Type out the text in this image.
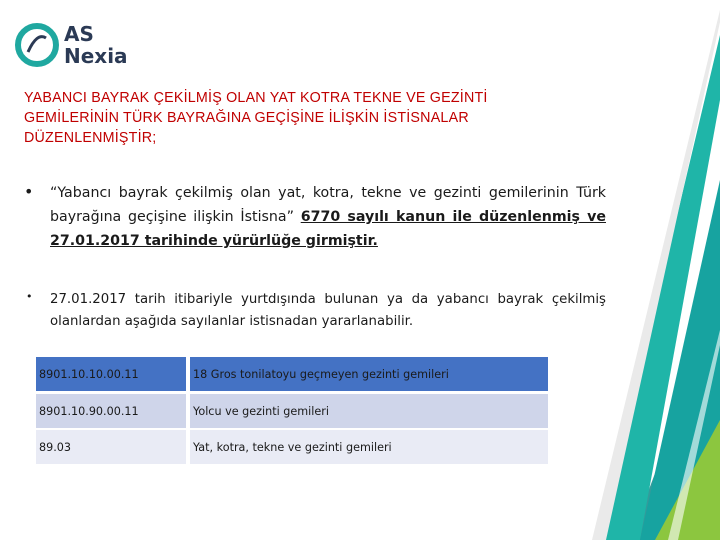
AS
Nexia
YABANCI BAYRAK ÇEKİLMİŞ OLAN YAT KOTRA TEKNE VE GEZİNTİ
GEMİLERİNİN TÜRK BAYRAĞINA GEÇİŞİNE İLİŞKİN İSTİSNALAR
DÜZENLENMİŞTİR;
• “Yabancı bayrak çekilmiş olan yat, kotra, tekne ve gezinti gemilerinin Türk bayrağına geçişine ilişkin İstisna” 6770 sayılı kanun ile düzenlenmiş ve 27.01.2017 tarihinde yürürlüğe girmiştir.
• 27.01.2017 tarih itibariyle yurtdışında bulunan ya da yabancı bayrak çekilmiş olanlardan aşağıda sayılanlar istisnadan yararlanabilir.
8901.10.10.00.11	18 Gros tonilatoyu geçmeyen gezinti gemileri
8901.10.90.00.11	Yolcu ve gezinti gemileri
89.03	Yat, kotra, tekne ve gezinti gemileri
